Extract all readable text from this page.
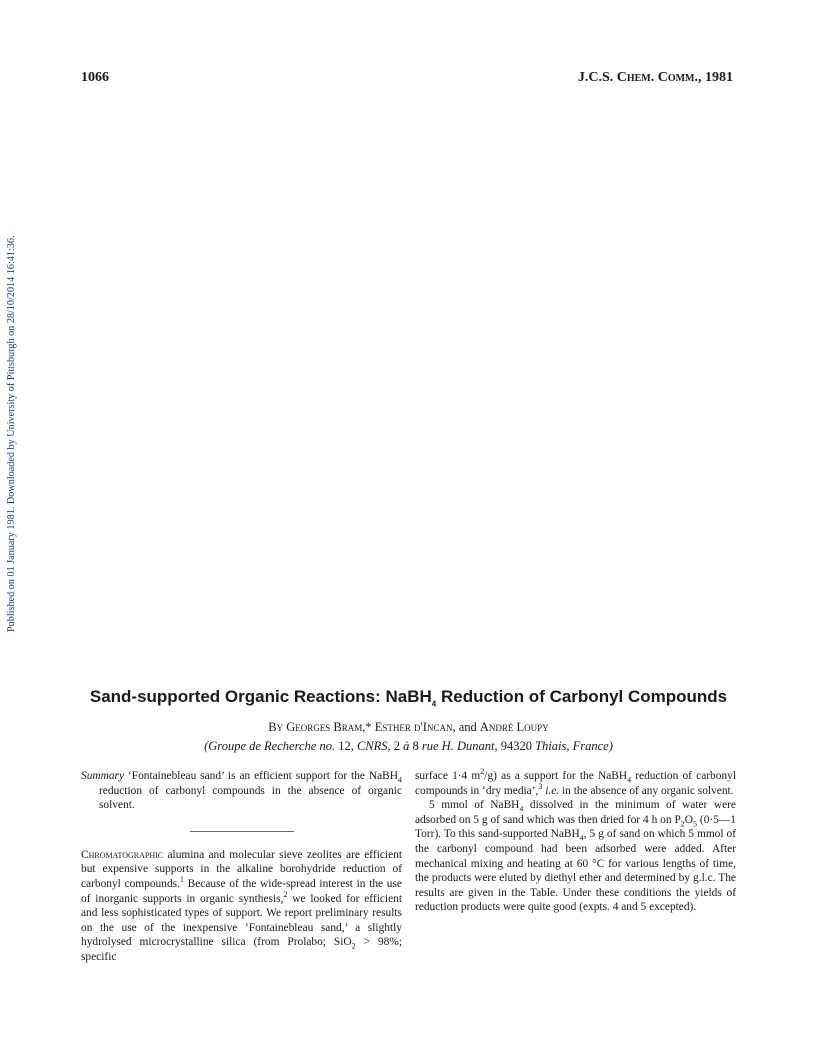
1066	J.C.S. Chem. Comm., 1981
Published on 01 January 1981. Downloaded by University of Pittsburgh on 28/10/2014 16:41:36.
Sand-supported Organic Reactions: NaBH$_4$ Reduction of Carbonyl Compounds
By Georges Bram,* Esther d'Incan, and André Loupy
(Groupe de Recherche no. 12, CNRS, 2 à 8 rue H. Dunant, 94320 Thiais, France)

Summary ‘Fontainebleau sand’ is an efficient support for the NaBH$_4$ reduction of carbonyl compounds in the absence of organic solvent.

Chromatographic alumina and molecular sieve zeolites are efficient but expensive supports in the alkaline borohydride reduction of carbonyl compounds.$^1$ Because of the wide-spread interest in the use of inorganic supports in organic synthesis,$^2$ we looked for efficient and less sophisticated types of support. We report preliminary results on the use of the inexpensive ‘Fontainebleau sand,’ a slightly hydrolysed microcrystalline silica (from Prolabo; SiO$_2$ > 98%; specific

surface 1·4 $m^2/g$) as a support for the NaBH$_4$ reduction of carbonyl compounds in ‘dry media’,$^3$ i.e. in the absence of any organic solvent.

5 mmol of NaBH$_4$ dissolved in the minimum of water were adsorbed on 5 g of sand which was then dried for 4 h on $P_2O_5$ (0·5—1 Torr). To this sand-supported NaBH$_4$, 5 g of sand on which 5 mmol of the carbonyl compound had been adsorbed were added. After mechanical mixing and heating at 60 °C for various lengths of time, the products were eluted by diethyl ether and determined by g.l.c. The results are given in the Table. Under these conditions the yields of reduction products were quite good (expts. 4 and 5 excepted).
